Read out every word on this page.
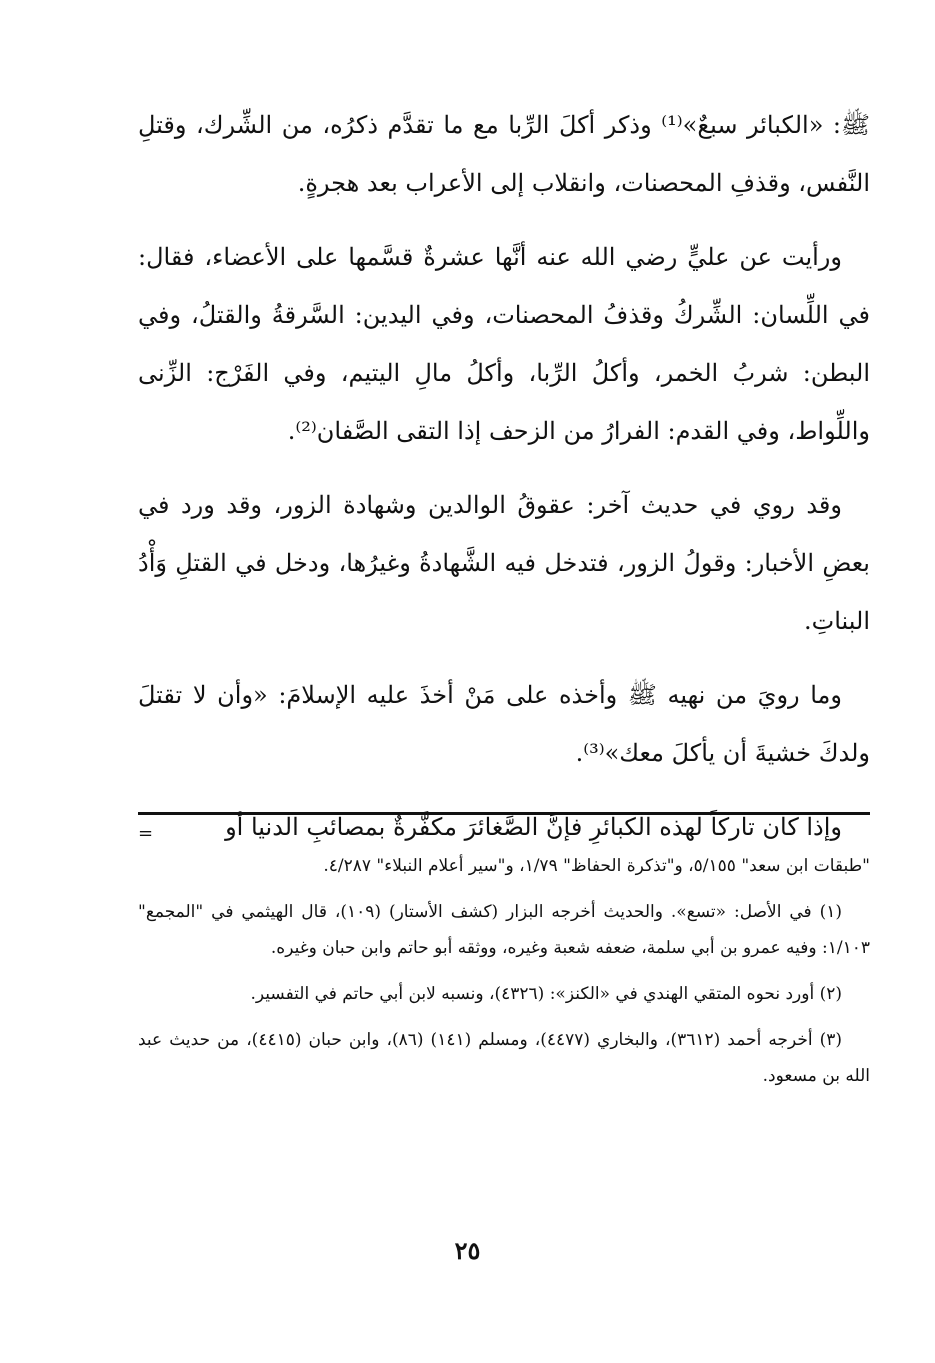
ﷺ: «الكبائر سبعٌ»⁽¹⁾ وذكر أكلَ الرِّبا مع ما تقدَّم ذكرُه، من الشِّرك، وقتلِ النَّفس، وقذفِ المحصنات، وانقلاب إلى الأعراب بعد هجرةٍ.

ورأيت عن عليٍّ رضي الله عنه أنَّها عشرةٌ قسَّمها على الأعضاء، فقال: في اللِّسان: الشِّركُ وقذفُ المحصنات، وفي اليدين: السَّرقةُ والقتلُ، وفي البطن: شربُ الخمر، وأكلُ الرِّبا، وأكلُ مالِ اليتيم، وفي الفَرْج: الزِّنى واللِّواط، وفي القدم: الفرارُ من الزحف إذا التقى الصَّفان⁽²⁾.

وقد روي في حديث آخر: عقوقُ الوالدين وشهادة الزور، وقد ورد في بعضِ الأخبار: وقولُ الزور، فتدخل فيه الشَّهادةُ وغيرُها، ودخل في القتلِ وَأْدُ البناتِ.

وما رويَ من نهيه ﷺ وأخذه على مَنْ أخذَ عليه الإسلامَ: «وأن لا تقتلَ ولدكَ خشيةَ أن يأكلَ معك»⁽³⁾.

وإذا كان تاركاً لهذه الكبائرِ فإنَّ الصَّغائرَ مكفَّرةٌ بمصائبِ الدنيا أو

=

"طبقات ابن سعد" ٥/١٥٥، و"تذكرة الحفاظ" ١/٧٩، و"سير أعلام النبلاء" ٤/٢٨٧.

(١) في الأصل: «تسع». والحديث أخرجه البزار (كشف الأستار) (١٠٩)، قال الهيثمي في "المجمع" ١/١٠٣: وفيه عمرو بن أبي سلمة، ضعفه شعبة وغيره، ووثقه أبو حاتم وابن حبان وغيره.

(٢) أورد نحوه المتقي الهندي في «الكنز»: (٤٣٢٦)، ونسبه لابن أبي حاتم في التفسير.

(٣) أخرجه أحمد (٣٦١٢)، والبخاري (٤٤٧٧)، ومسلم (١٤١) (٨٦)، وابن حبان (٤٤١٥)، من حديث عبد الله بن مسعود.

٢٥
